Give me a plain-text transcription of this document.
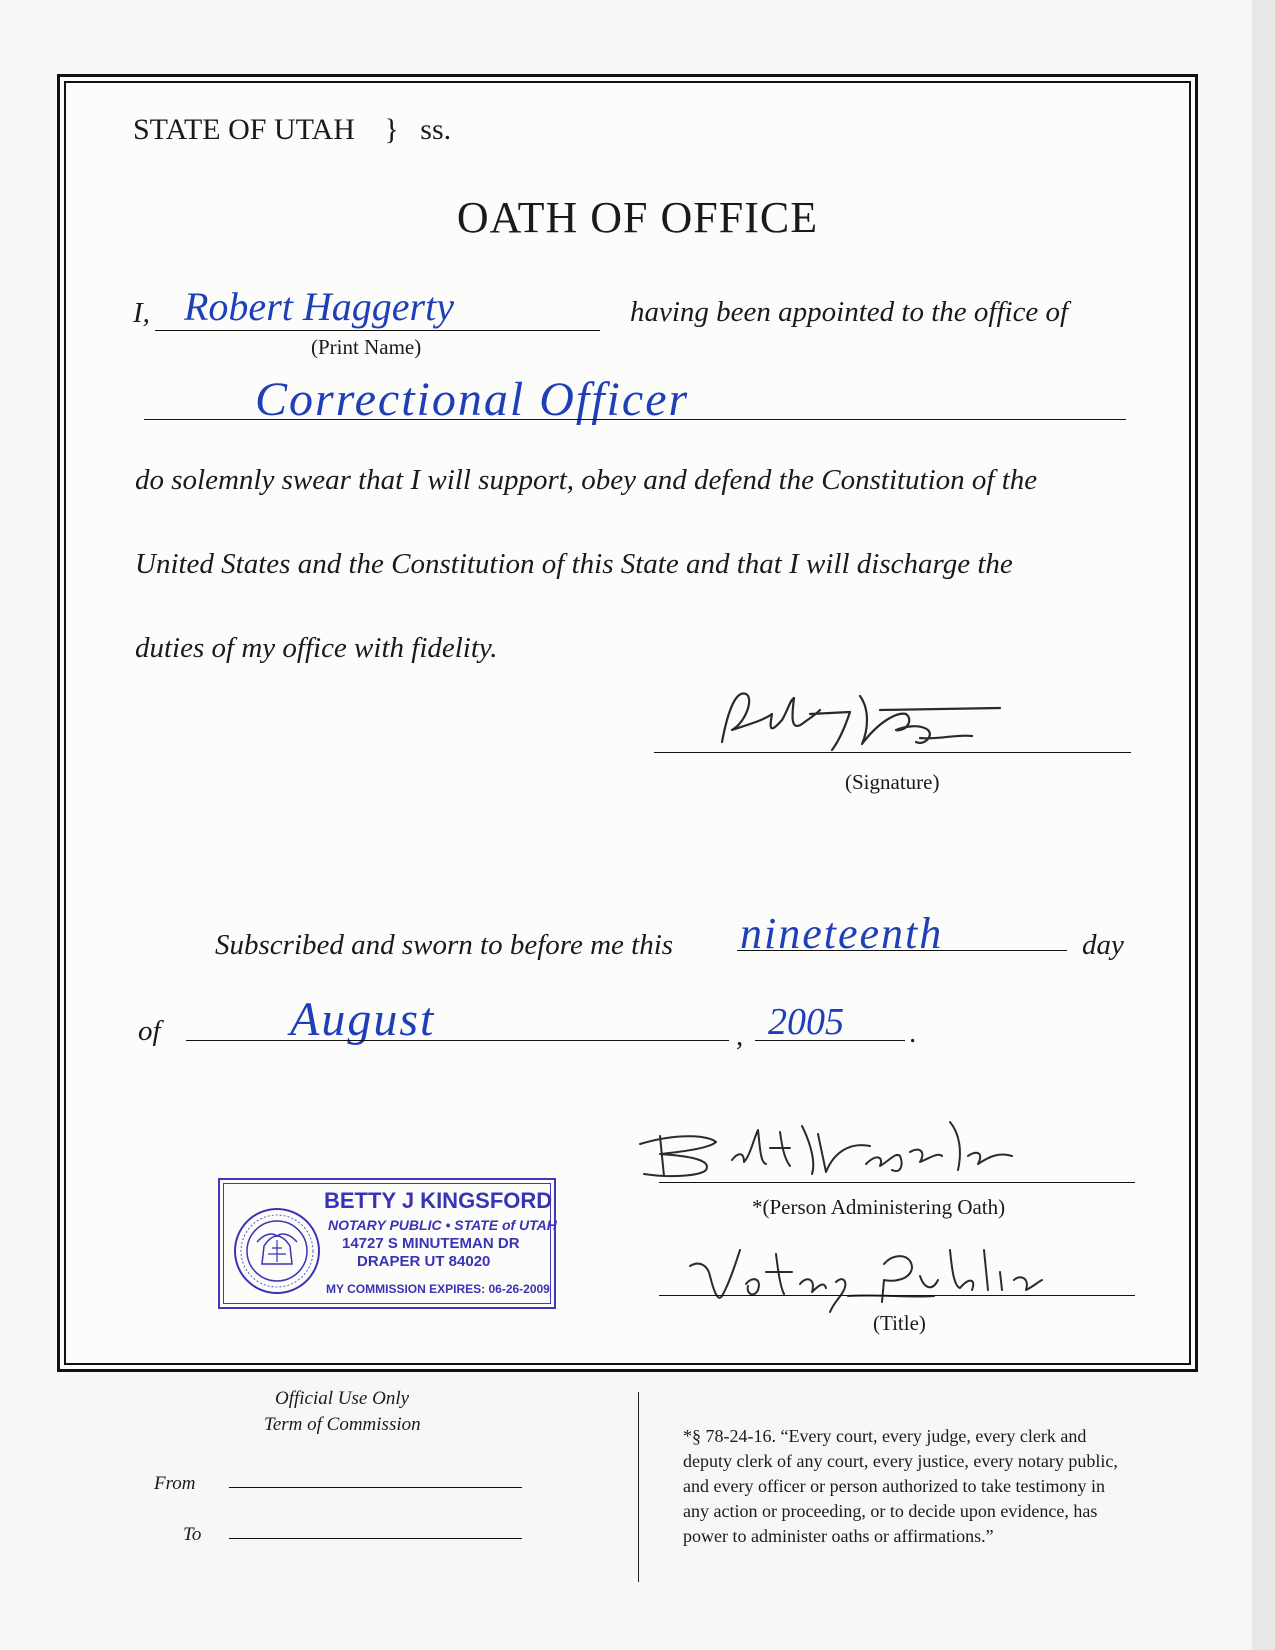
STATE OF UTAH } ss.
OATH OF OFFICE
I, Robert Haggerty
(Print Name)
having been appointed to the office of
Correctional Officer
do solemnly swear that I will support, obey and defend the Constitution of the
United States and the Constitution of this State and that I will discharge the
duties of my office with fidelity.
(Signature)
Subscribed and sworn to before me this nineteenth	day
of	August	, 2005 .
*(Person Administering Oath)
(Title)
BETTY J KINGSFORD
NOTARY PUBLIC • STATE of UTAH
14727 S MINUTEMAN DR
DRAPER UT 84020
MY COMMISSION EXPIRES: 06-26-2009
Official Use Only
Term of Commission
From
To
*§ 78-24-16. “Every court, every judge, every clerk and
deputy clerk of any court, every justice, every notary public,
and every officer or person authorized to take testimony in
any action or proceeding, or to decide upon evidence, has
power to administer oaths or affirmations.”
